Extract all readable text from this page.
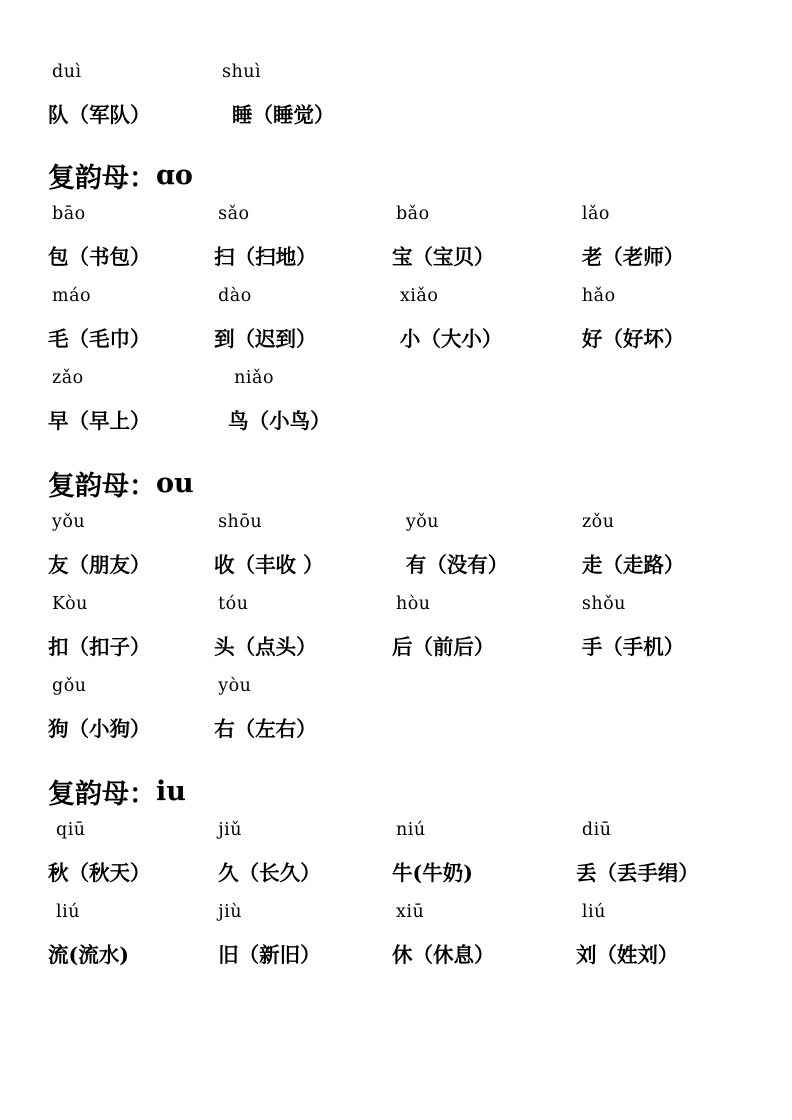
duì	shuì
队（军队）	睡（睡觉）
复韵母： ɑo
bāo	sǎo	bǎo	lǎo
包（书包）	扫（扫地）	宝（宝贝）	老（老师）
máo	dào	xiǎo	hǎo
毛（毛巾）	到（迟到）	小（大小）	好（好坏）
zǎo	niǎo
早（早上）	鸟（小鸟）
复韵母： ou
yǒu	shōu	yǒu	zǒu
友（朋友）	收（丰收 ）	有（没有）	走（走路）
Kòu	tóu	hòu	shǒu
扣（扣子）	头（点头）	后（前后）	手（手机）
gǒu	yòu
狗（小狗）	右（左右）
复韵母： iu
qiū	jiǔ	niú	diū
秋（秋天）	久（长久）	牛(牛奶)	丢（丢手绢）
liú	jiù	xiū	liú
流(流水)	旧（新旧）	休（休息）	刘（姓刘）
